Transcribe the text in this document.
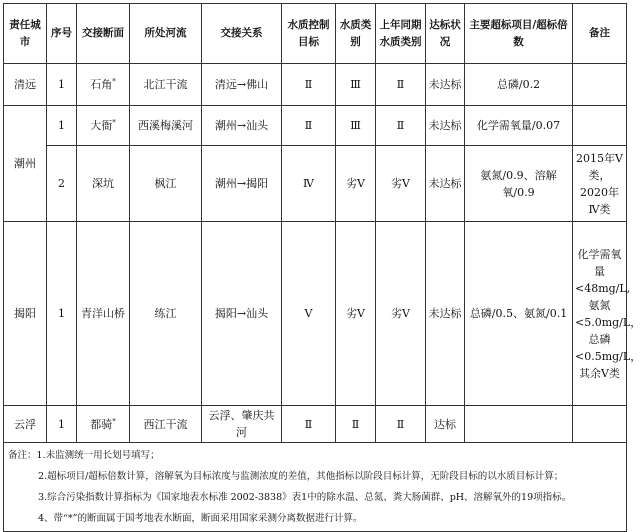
责任城市	序号	交接断面	所处河流	交接关系	水质控制目标	水质类别	上年同期水质类别	达标状况	主要超标项目/超标倍数	备注
清远	1	石角*	北江干流	清远→佛山	Ⅱ	Ⅲ	Ⅱ	未达标	总磷/0.2	
潮州	1	大衙*	西溪梅溪河	潮州→汕头	Ⅱ	Ⅲ	Ⅱ	未达标	化学需氧量/0.07	
	2	深坑	枫江	潮州→揭阳	Ⅳ	劣Ⅴ	劣Ⅴ	未达标	氨氮/0.9、溶解氧/0.9	2015年Ⅴ类，2020年Ⅳ类
揭阳	1	青洋山桥	练江	揭阳→汕头	Ⅴ	劣Ⅴ	劣Ⅴ	未达标	总磷/0.5、氨氮/0.1	化学需氧量<48mg/L,氨氮<5.0mg/L，总磷<0.5mg/L，其余Ⅴ类
云浮	1	都骑*	西江干流	云浮、肇庆共河	Ⅱ	Ⅱ	Ⅱ	达标		

备注：1.未监测统一用长划号填写；
2.超标项目/超标倍数计算，溶解氧为目标浓度与监测浓度的差值，其他指标以阶段目标计算，无阶段目标的以水质目标计算；
3.综合污染指数计算指标为《国家地表水标准 2002-3838》表1中的除水温、总氮、粪大肠菌群、pH、溶解氧外的19项指标。
4、带“*”的断面属于国考地表水断面，断面采用国家采测分离数据进行计算。										
